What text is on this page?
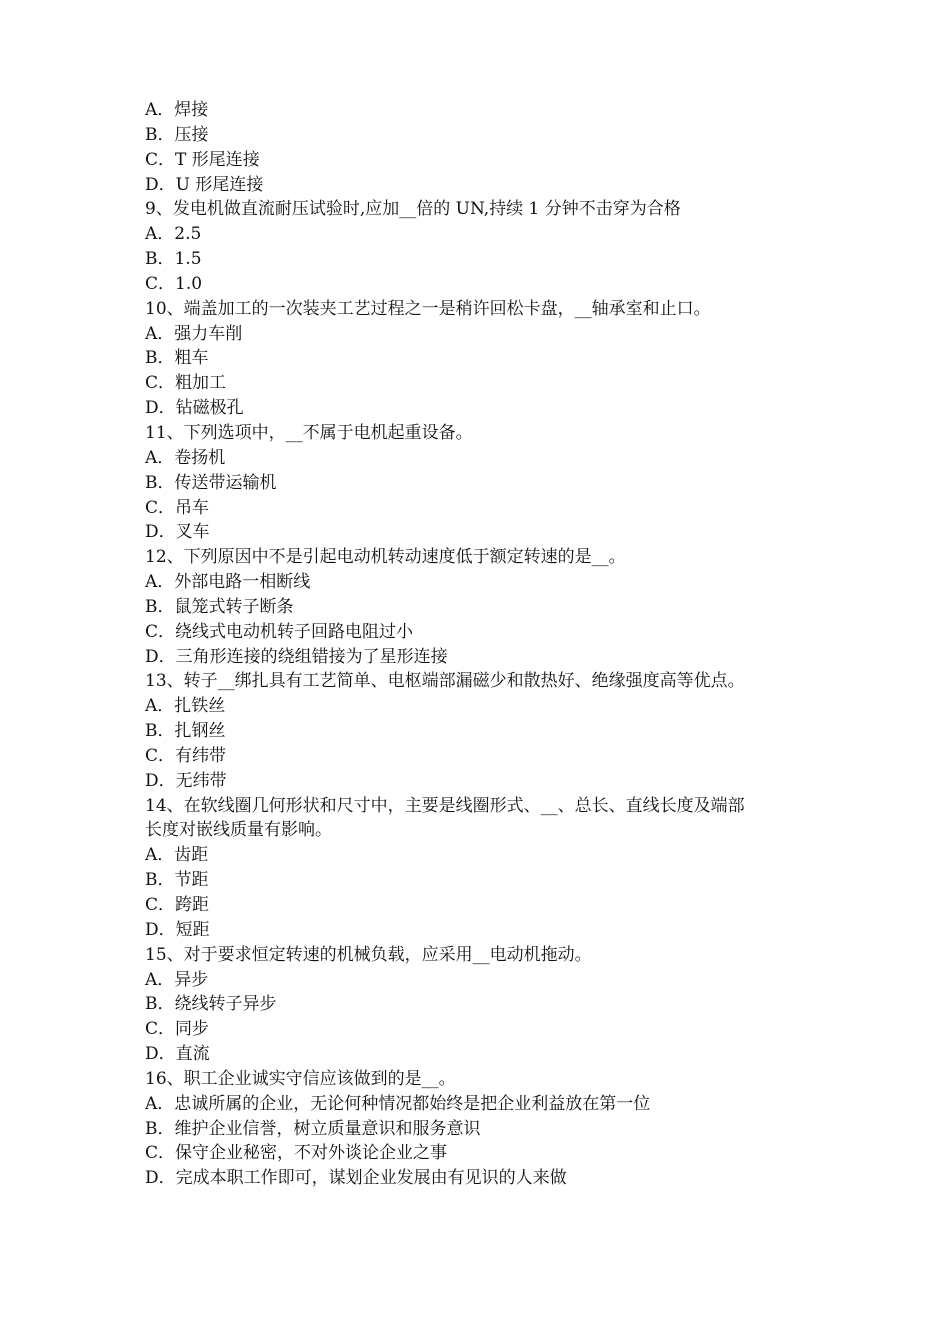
A．焊接
B．压接
C．T 形尾连接
D．U 形尾连接
9、发电机做直流耐压试验时,应加__倍的 UN,持续 1 分钟不击穿为合格
A．2.5
B．1.5
C．1.0
10、端盖加工的一次装夹工艺过程之一是稍许回松卡盘，__轴承室和止口。
A．强力车削
B．粗车
C．粗加工
D．钻磁极孔
11、下列选项中，__不属于电机起重设备。
A．卷扬机
B．传送带运输机
C．吊车
D．叉车
12、下列原因中不是引起电动机转动速度低于额定转速的是__。
A．外部电路一相断线
B．鼠笼式转子断条
C．绕线式电动机转子回路电阻过小
D．三角形连接的绕组错接为了星形连接
13、转子__绑扎具有工艺简单、电枢端部漏磁少和散热好、绝缘强度高等优点。
A．扎铁丝
B．扎钢丝
C．有纬带
D．无纬带
14、在软线圈几何形状和尺寸中，主要是线圈形式、__、总长、直线长度及端部
长度对嵌线质量有影响。
A．齿距
B．节距
C．跨距
D．短距
15、对于要求恒定转速的机械负载，应采用__电动机拖动。
A．异步
B．绕线转子异步
C．同步
D．直流
16、职工企业诚实守信应该做到的是__。
A．忠诚所属的企业，无论何种情况都始终是把企业利益放在第一位
B．维护企业信誉，树立质量意识和服务意识
C．保守企业秘密，不对外谈论企业之事
D．完成本职工作即可，谋划企业发展由有见识的人来做
